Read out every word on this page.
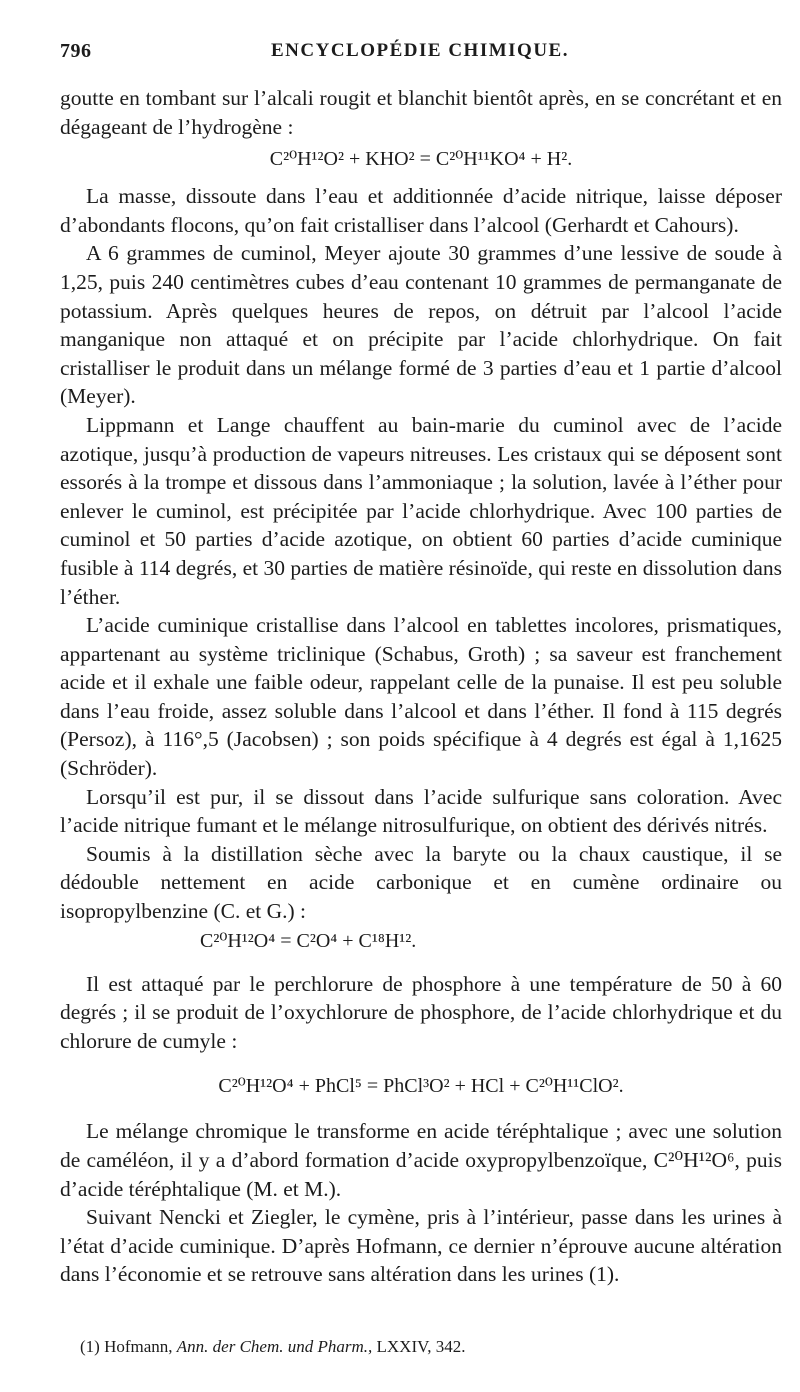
796	ENCYCLOPÉDIE CHIMIQUE.

goutte en tombant sur l’alcali rougit et blanchit bientôt après, en se concrétant et en dégageant de l’hydrogène :

C²⁰H¹²O² + KHO² = C²⁰H¹¹KO⁴ + H².

La masse, dissoute dans l’eau et additionnée d’acide nitrique, laisse déposer d’abondants flocons, qu’on fait cristalliser dans l’alcool (Gerhardt et Cahours).

A 6 grammes de cuminol, Meyer ajoute 30 grammes d’une lessive de soude à 1,25, puis 240 centimètres cubes d’eau contenant 10 grammes de permanganate de potassium. Après quelques heures de repos, on détruit par l’alcool l’acide manganique non attaqué et on précipite par l’acide chlorhydrique. On fait cristalliser le produit dans un mélange formé de 3 parties d’eau et 1 partie d’alcool (Meyer).

Lippmann et Lange chauffent au bain-marie du cuminol avec de l’acide azotique, jusqu’à production de vapeurs nitreuses. Les cristaux qui se déposent sont essorés à la trompe et dissous dans l’ammoniaque ; la solution, lavée à l’éther pour enlever le cuminol, est précipitée par l’acide chlorhydrique. Avec 100 parties de cuminol et 50 parties d’acide azotique, on obtient 60 parties d’acide cuminique fusible à 114 degrés, et 30 parties de matière résinoïde, qui reste en dissolution dans l’éther.

L’acide cuminique cristallise dans l’alcool en tablettes incolores, prismatiques, appartenant au système triclinique (Schabus, Groth) ; sa saveur est franchement acide et il exhale une faible odeur, rappelant celle de la punaise. Il est peu soluble dans l’eau froide, assez soluble dans l’alcool et dans l’éther. Il fond à 115 degrés (Persoz), à 116°,5 (Jacobsen) ; son poids spécifique à 4 degrés est égal à 1,1625 (Schröder).

Lorsqu’il est pur, il se dissout dans l’acide sulfurique sans coloration. Avec l’acide nitrique fumant et le mélange nitrosulfurique, on obtient des dérivés nitrés.

Soumis à la distillation sèche avec la baryte ou la chaux caustique, il se dédouble nettement en acide carbonique et en cumène ordinaire ou isopropylbenzine (C. et G.) :

C²⁰H¹²O⁴ = C²O⁴ + C¹⁸H¹².

Il est attaqué par le perchlorure de phosphore à une température de 50 à 60 degrés ; il se produit de l’oxychlorure de phosphore, de l’acide chlorhydrique et du chlorure de cumyle :

C²⁰H¹²O⁴ + PhCl⁵ = PhCl³O² + HCl + C²⁰H¹¹ClO².

Le mélange chromique le transforme en acide téréphtalique ; avec une solution de caméléon, il y a d’abord formation d’acide oxypropylbenzoïque, C²⁰H¹²O⁶, puis d’acide téréphtalique (M. et M.).

Suivant Nencki et Ziegler, le cymène, pris à l’intérieur, passe dans les urines à l’état d’acide cuminique. D’après Hofmann, ce dernier n’éprouve aucune altération dans l’économie et se retrouve sans altération dans les urines (1).

(1) Hofmann, Ann. der Chem. und Pharm., LXXIV, 342.
